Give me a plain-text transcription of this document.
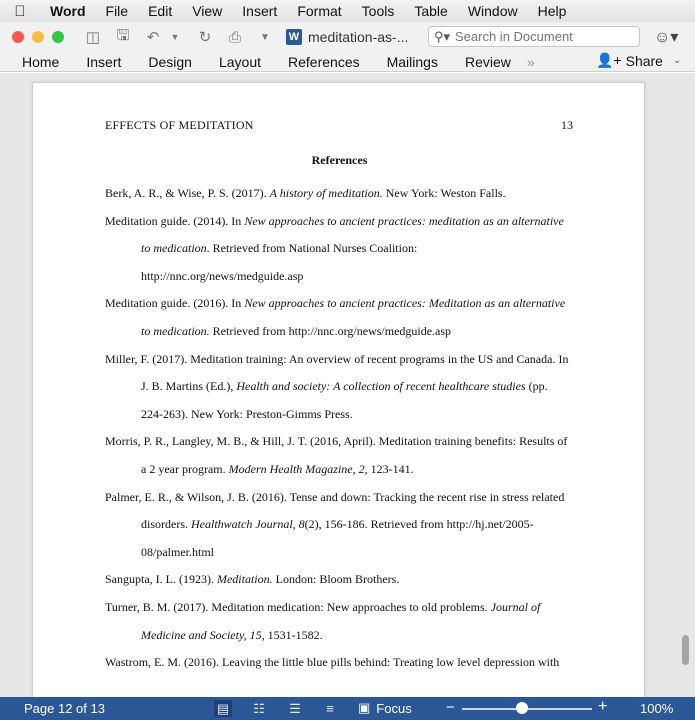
Word	File	Edit	View	Insert	Format	Tools	Table	Window	Help
◫	🖫	↶	▼	↻	⎙	▼	W meditation-as-...	⚲▾
Search in Document	☺▾
Home Insert Design Layout References Mailings Review »	👤+ Share ⌄
EFFECTS OF MEDITATION	13
References
Berk, A. R., & Wise, P. S. (2017). A history of meditation. New York: Weston Falls.
Meditation guide. (2014). In New approaches to ancient practices: meditation as an alternative
to medication. Retrieved from National Nurses Coalition:
http://nnc.org/news/medguide.asp
Meditation guide. (2016). In New approaches to ancient practices: Meditation as an alternative
to medication. Retrieved from http://nnc.org/news/medguide.asp
Miller, F. (2017). Meditation training: An overview of recent programs in the US and Canada. In
J. B. Martins (Ed.), Health and society: A collection of recent healthcare studies (pp.
224-263). New York: Preston-Gimms Press.
Morris, P. R., Langley, M. B., & Hill, J. T. (2016, April). Meditation training benefits: Results of
a 2 year program. Modern Health Magazine, 2, 123-141.
Palmer, E. R., & Wilson, J. B. (2016). Tense and down: Tracking the recent rise in stress related
disorders. Healthwatch Journal, 8(2), 156-186. Retrieved from http://hj.net/2005-
08/palmer.html
Sangupta, I. L. (1923). Meditation. London: Bloom Brothers.
Turner, B. M. (2017). Meditation medication: New approaches to old problems. Journal of
Medicine and Society, 15, 1531-1582.
Wastrom, E. M. (2016). Leaving the little blue pills behind: Treating low level depression with
Page 12 of 13	▤ ☷ ☰	≡	▣ Focus −	+	100%
